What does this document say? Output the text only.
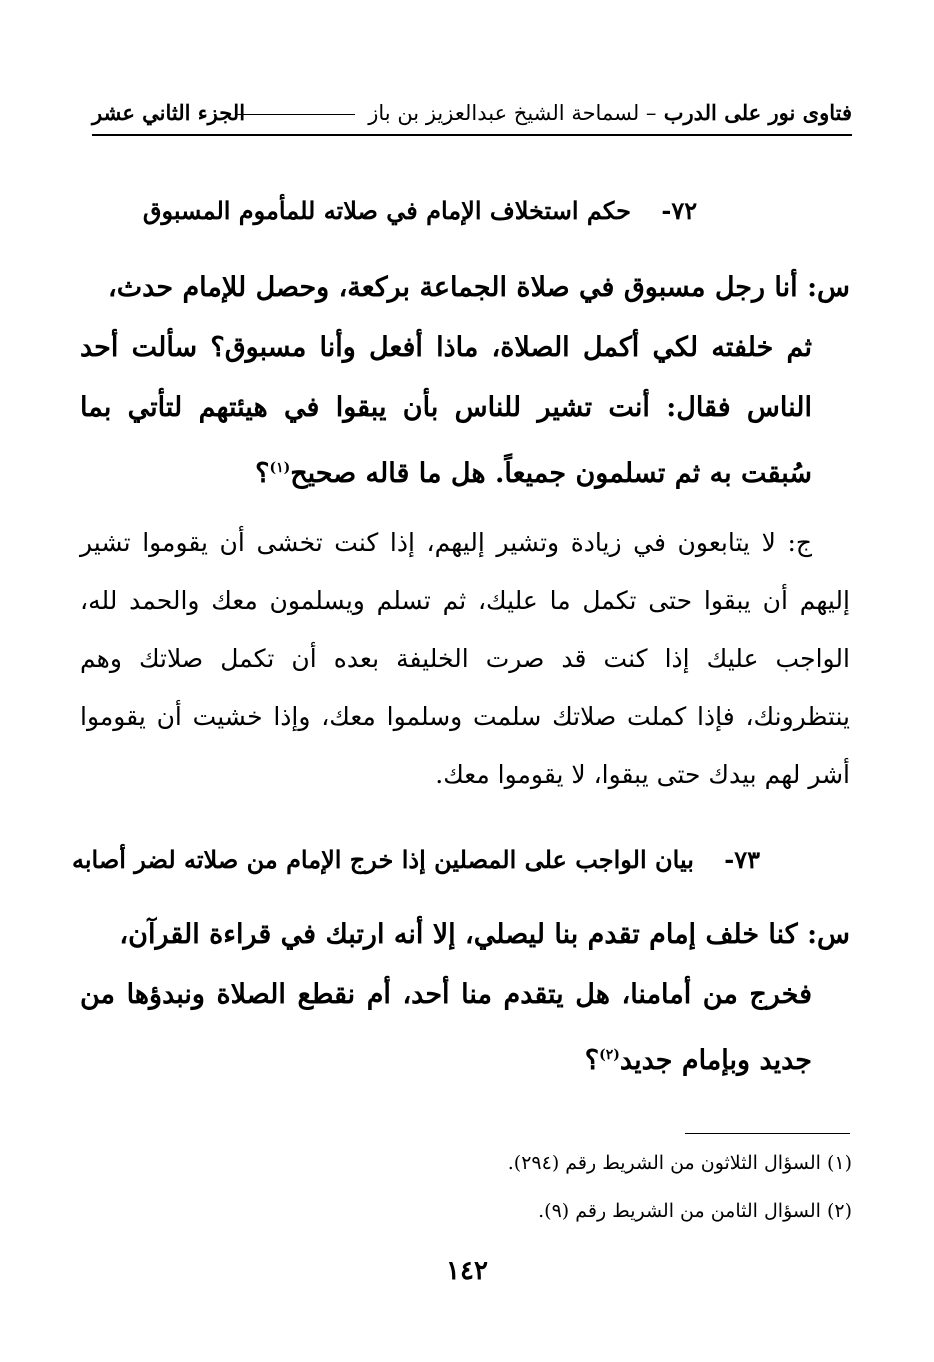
فتاوى نور على الدرب – لسماحة الشيخ عبدالعزيز بن باز
الجزء الثاني عشر
٧٢- حكم استخلاف الإمام في صلاته للمأموم المسبوق
س: أنا رجل مسبوق في صلاة الجماعة بركعة، وحصل للإمام حدث،
ثم خلفته لكي أكمل الصلاة، ماذا أفعل وأنا مسبوق؟ سألت أحد الناس فقال: أنت تشير للناس بأن يبقوا في هيئتهم لتأتي بما سُبقت به ثم تسلمون جميعاً. هل ما قاله صحيح$^{(١)}$؟
ج: لا يتابعون في زيادة وتشير إليهم، إذا كنت تخشى أن يقوموا تشير إليهم أن يبقوا حتى تكمل ما عليك، ثم تسلم ويسلمون معك والحمد لله، الواجب عليك إذا كنت قد صرت الخليفة بعده أن تكمل صلاتك وهم ينتظرونك، فإذا كملت صلاتك سلمت وسلموا معك، وإذا خشيت أن يقوموا أشر لهم بيدك حتى يبقوا، لا يقوموا معك.
٧٣- بيان الواجب على المصلين إذا خرج الإمام من صلاته لضر أصابه
س: كنا خلف إمام تقدم بنا ليصلي، إلا أنه ارتبك في قراءة القرآن،
فخرج من أمامنا، هل يتقدم منا أحد، أم نقطع الصلاة ونبدؤها من جديد وبإمام جديد$^{(٢)}$؟
(١) السؤال الثلاثون من الشريط رقم (٢٩٤).
(٢) السؤال الثامن من الشريط رقم (٩).
١٤٢
